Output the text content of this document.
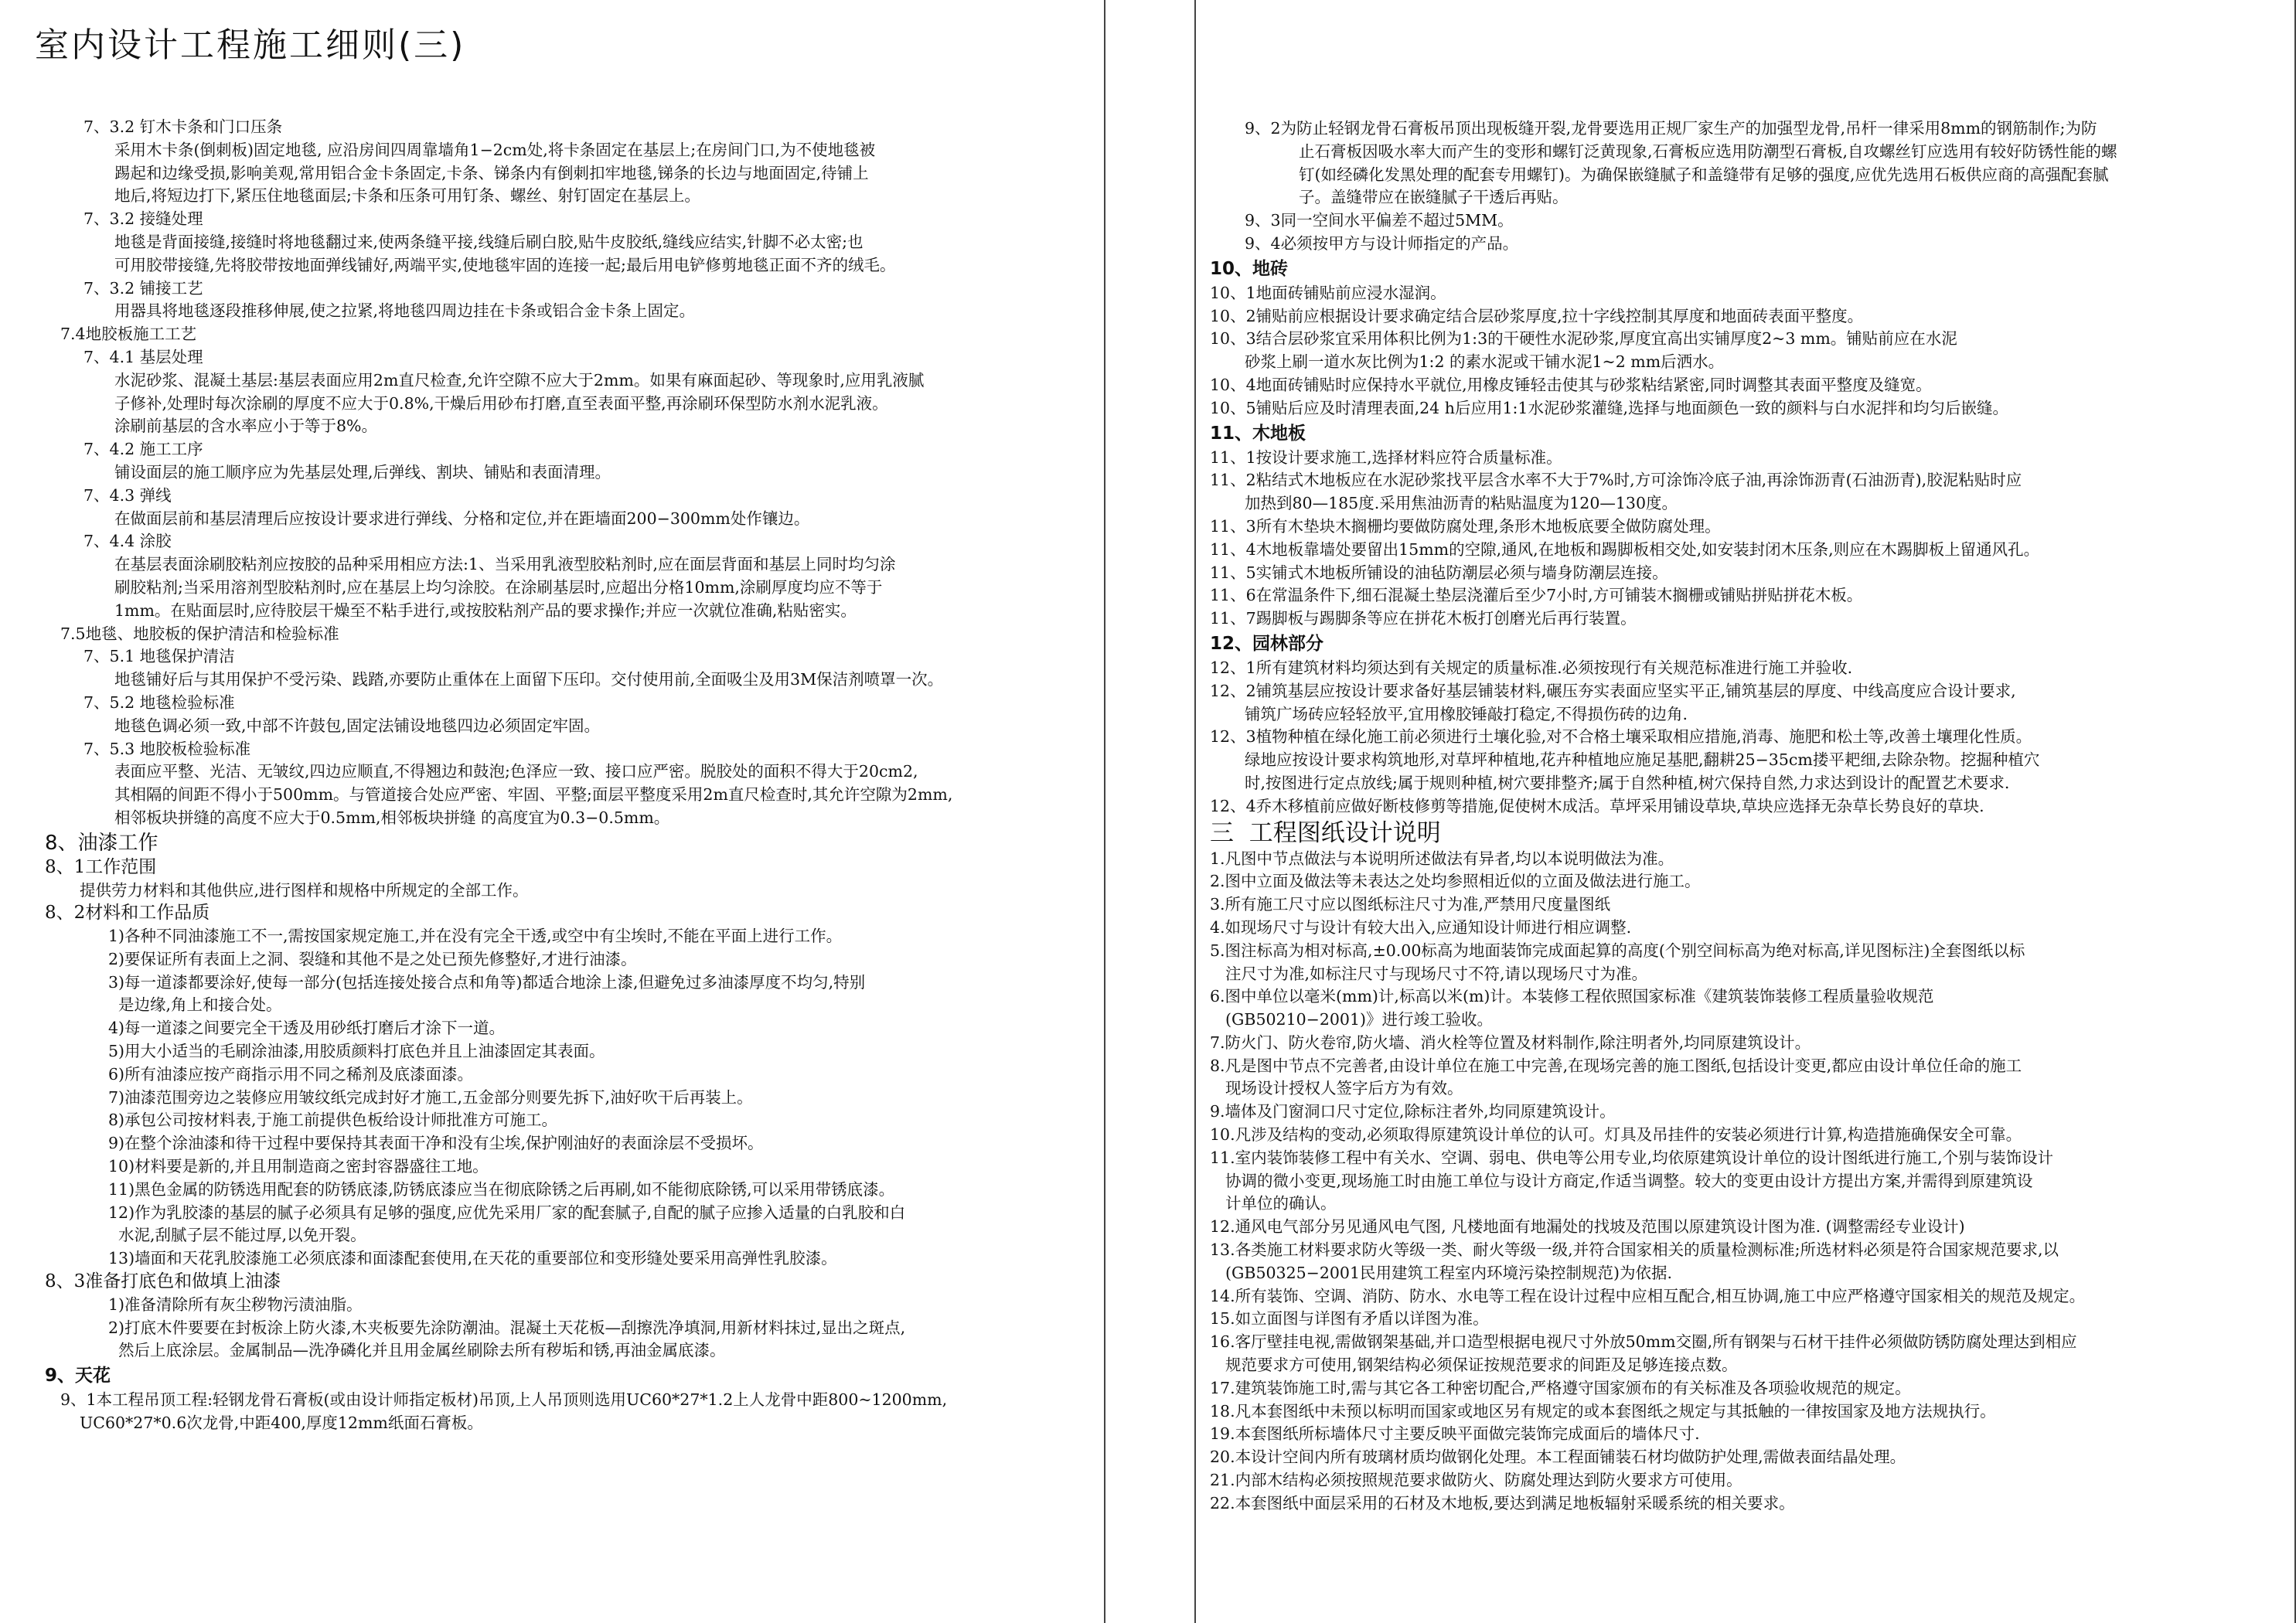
室内设计工程施工细则(三)
7、3.2 钉木卡条和门口压条
采用木卡条(倒刺板)固定地毯, 应沿房间四周靠墙角1−2cm处,将卡条固定在基层上;在房间门口,为不使地毯被
踢起和边缘受损,影响美观,常用铝合金卡条固定,卡条、锑条内有倒刺扣牢地毯,锑条的长边与地面固定,待铺上
地后,将短边打下,紧压住地毯面层;卡条和压条可用钉条、螺丝、射钉固定在基层上。
7、3.2 接缝处理
地毯是背面接缝,接缝时将地毯翻过来,使两条缝平接,线缝后刷白胶,贴牛皮胶纸,缝线应结实,针脚不必太密;也
可用胶带接缝,先将胶带按地面弹线铺好,两端平实,使地毯牢固的连接一起;最后用电铲修剪地毯正面不齐的绒毛。
7、3.2 铺接工艺
用器具将地毯逐段推移伸展,使之拉紧,将地毯四周边挂在卡条或铝合金卡条上固定。
7.4地胶板施工工艺
7、4.1 基层处理
水泥砂浆、混凝土基层:基层表面应用2m直尺检查,允许空隙不应大于2mm。如果有麻面起砂、等现象时,应用乳液腻
子修补,处理时每次涂刷的厚度不应大于0.8%,干燥后用砂布打磨,直至表面平整,再涂刷环保型防水剂水泥乳液。
涂刷前基层的含水率应小于等于8%。
7、4.2 施工工序
铺设面层的施工顺序应为先基层处理,后弹线、割块、铺贴和表面清理。
7、4.3 弹线
在做面层前和基层清理后应按设计要求进行弹线、分格和定位,并在距墙面200−300mm处作镶边。
7、4.4 涂胶
在基层表面涂刷胶粘剂应按胶的品种采用相应方法:1、当采用乳液型胶粘剂时,应在面层背面和基层上同时均匀涂
刷胶粘剂;当采用溶剂型胶粘剂时,应在基层上均匀涂胶。在涂刷基层时,应超出分格10mm,涂刷厚度均应不等于
1mm。在贴面层时,应待胶层干燥至不粘手进行,或按胶粘剂产品的要求操作;并应一次就位准确,粘贴密实。
7.5地毯、地胶板的保护清洁和检验标准
7、5.1 地毯保护清洁
地毯铺好后与其用保护不受污染、践踏,亦要防止重体在上面留下压印。交付使用前,全面吸尘及用3M保洁剂喷罩一次。
7、5.2 地毯检验标准
地毯色调必须一致,中部不许鼓包,固定法铺设地毯四边必须固定牢固。
7、5.3 地胶板检验标准
表面应平整、光洁、无皱纹,四边应顺直,不得翘边和鼓泡;色泽应一致、接口应严密。脱胶处的面积不得大于20cm2,
其相隔的间距不得小于500mm。与管道接合处应严密、牢固、平整;面层平整度采用2m直尺检查时,其允许空隙为2mm,
相邻板块拼缝的高度不应大于0.5mm,相邻板块拼缝 的高度宜为0.3−0.5mm。
8、油漆工作
8、1工作范围
提供劳力材料和其他供应,进行图样和规格中所规定的全部工作。
8、2材料和工作品质
1)各种不同油漆施工不一,需按国家规定施工,并在没有完全干透,或空中有尘埃时,不能在平面上进行工作。
2)要保证所有表面上之洞、裂缝和其他不是之处已预先修整好,才进行油漆。
3)每一道漆都要涂好,使每一部分(包括连接处接合点和角等)都适合地涂上漆,但避免过多油漆厚度不均匀,特别
是边缘,角上和接合处。
4)每一道漆之间要完全干透及用砂纸打磨后才涂下一道。
5)用大小适当的毛刷涂油漆,用胶质颜料打底色并且上油漆固定其表面。
6)所有油漆应按产商指示用不同之稀剂及底漆面漆。
7)油漆范围旁边之装修应用皱纹纸完成封好才施工,五金部分则要先拆下,油好吹干后再装上。
8)承包公司按材料表,于施工前提供色板给设计师批准方可施工。
9)在整个涂油漆和待干过程中要保持其表面干净和没有尘埃,保护刚油好的表面涂层不受损坏。
10)材料要是新的,并且用制造商之密封容器盛往工地。
11)黑色金属的防锈选用配套的防锈底漆,防锈底漆应当在彻底除锈之后再刷,如不能彻底除锈,可以采用带锈底漆。
12)作为乳胶漆的基层的腻子必须具有足够的强度,应优先采用厂家的配套腻子,自配的腻子应掺入适量的白乳胶和白
水泥,刮腻子层不能过厚,以免开裂。
13)墙面和天花乳胶漆施工必须底漆和面漆配套使用,在天花的重要部位和变形缝处要采用高弹性乳胶漆。
8、3准备打底色和做填上油漆
1)准备清除所有灰尘秽物污渍油脂。
2)打底木件要要在封板涂上防火漆,木夹板要先涂防潮油。混凝土天花板—刮擦洗净填洞,用新材料抹过,显出之斑点,
然后上底涂层。金属制品—洗净磷化并且用金属丝刷除去所有秽垢和锈,再油金属底漆。
9、天花
9、1本工程吊顶工程:轻钢龙骨石膏板(或由设计师指定板材)吊顶,上人吊顶则选用UC60*27*1.2上人龙骨中距800~1200mm,
UC60*27*0.6次龙骨,中距400,厚度12mm纸面石膏板。
9、2为防止轻钢龙骨石膏板吊顶出现板缝开裂,龙骨要选用正规厂家生产的加强型龙骨,吊杆一律采用8mm的钢筋制作;为防
止石膏板因吸水率大而产生的变形和螺钉泛黄现象,石膏板应选用防潮型石膏板,自攻螺丝钉应选用有较好防锈性能的螺
钉(如经磷化发黑处理的配套专用螺钉)。为确保嵌缝腻子和盖缝带有足够的强度,应优先选用石板供应商的高强配套腻
子。盖缝带应在嵌缝腻子干透后再贴。
9、3同一空间水平偏差不超过5MM。
9、4必须按甲方与设计师指定的产品。
10、地砖
10、1地面砖铺贴前应浸水湿润。
10、2铺贴前应根据设计要求确定结合层砂浆厚度,拉十字线控制其厚度和地面砖表面平整度。
10、3结合层砂浆宜采用体积比例为1:3的干硬性水泥砂浆,厚度宜高出实铺厚度2~3 mm。铺贴前应在水泥
砂浆上刷一道水灰比例为1:2 的素水泥或干铺水泥1~2 mm后洒水。
10、4地面砖铺贴时应保持水平就位,用橡皮锤轻击使其与砂浆粘结紧密,同时调整其表面平整度及缝宽。
10、5铺贴后应及时清理表面,24 h后应用1:1水泥砂浆灌缝,选择与地面颜色一致的颜料与白水泥拌和均匀后嵌缝。
11、木地板
11、1按设计要求施工,选择材料应符合质量标准。
11、2粘结式木地板应在水泥砂浆找平层含水率不大于7%时,方可涂饰冷底子油,再涂饰沥青(石油沥青),胶泥粘贴时应
加热到80—185度.采用焦油沥青的粘贴温度为120—130度。
11、3所有木垫块木搁栅均要做防腐处理,条形木地板底要全做防腐处理。
11、4木地板靠墙处要留出15mm的空隙,通风,在地板和踢脚板相交处,如安装封闭木压条,则应在木踢脚板上留通风孔。
11、5实铺式木地板所铺设的油毡防潮层必须与墙身防潮层连接。
11、6在常温条件下,细石混凝土垫层浇灌后至少7小时,方可铺装木搁栅或铺贴拼贴拼花木板。
11、7踢脚板与踢脚条等应在拼花木板打创磨光后再行装置。
12、园林部分
12、1所有建筑材料均须达到有关规定的质量标准.必须按现行有关规范标准进行施工并验收.
12、2铺筑基层应按设计要求备好基层铺装材料,碾压夯实表面应坚实平正,铺筑基层的厚度、中线高度应合设计要求,
铺筑广场砖应轻轻放平,宜用橡胶锤敲打稳定,不得损伤砖的边角.
12、3植物种植在绿化施工前必须进行土壤化验,对不合格土壤采取相应措施,消毒、施肥和松土等,改善土壤理化性质。
绿地应按设计要求构筑地形,对草坪种植地,花卉种植地应施足基肥,翻耕25−35cm搂平耙细,去除杂物。挖掘种植穴
时,按图进行定点放线;属于规则种植,树穴要排整齐;属于自然种植,树穴保持自然,力求达到设计的配置艺术要求.
12、4乔木移植前应做好断枝修剪等措施,促使树木成活。草坪采用铺设草块,草块应选择无杂草长势良好的草块.
三  工程图纸设计说明
1.凡图中节点做法与本说明所述做法有异者,均以本说明做法为准。
2.图中立面及做法等未表达之处均参照相近似的立面及做法进行施工。
3.所有施工尺寸应以图纸标注尺寸为准,严禁用尺度量图纸
4.如现场尺寸与设计有较大出入,应通知设计师进行相应调整.
5.图注标高为相对标高,±0.00标高为地面装饰完成面起算的高度(个别空间标高为绝对标高,详见图标注)全套图纸以标
注尺寸为准,如标注尺寸与现场尺寸不符,请以现场尺寸为准。
6.图中单位以毫米(mm)计,标高以米(m)计。本装修工程依照国家标准《建筑装饰装修工程质量验收规范
(GB50210−2001)》进行竣工验收。
7.防火门、防火卷帘,防火墙、消火栓等位置及材料制作,除注明者外,均同原建筑设计。
8.凡是图中节点不完善者,由设计单位在施工中完善,在现场完善的施工图纸,包括设计变更,都应由设计单位任命的施工
现场设计授权人签字后方为有效。
9.墙体及门窗洞口尺寸定位,除标注者外,均同原建筑设计。
10.凡涉及结构的变动,必须取得原建筑设计单位的认可。灯具及吊挂件的安装必须进行计算,构造措施确保安全可靠。
11.室内装饰装修工程中有关水、空调、弱电、供电等公用专业,均依原建筑设计单位的设计图纸进行施工,个别与装饰设计
协调的微小变更,现场施工时由施工单位与设计方商定,作适当调整。较大的变更由设计方提出方案,并需得到原建筑设
计单位的确认。
12.通风电气部分另见通风电气图, 凡楼地面有地漏处的找坡及范围以原建筑设计图为准. (调整需经专业设计)
13.各类施工材料要求防火等级一类、耐火等级一级,并符合国家相关的质量检测标准;所选材料必须是符合国家规范要求,以
(GB50325−2001民用建筑工程室内环境污染控制规范)为依据.
14.所有装饰、空调、消防、防水、水电等工程在设计过程中应相互配合,相互协调,施工中应严格遵守国家相关的规范及规定。
15.如立面图与详图有矛盾以详图为准。
16.客厅壁挂电视,需做钢架基础,并口造型根据电视尺寸外放50mm交圈,所有钢架与石材干挂件必须做防锈防腐处理达到相应
规范要求方可使用,钢架结构必须保证按规范要求的间距及足够连接点数。
17.建筑装饰施工时,需与其它各工种密切配合,严格遵守国家颁布的有关标准及各项验收规范的规定。
18.凡本套图纸中未预以标明而国家或地区另有规定的或本套图纸之规定与其抵触的一律按国家及地方法规执行。
19.本套图纸所标墙体尺寸主要反映平面做完装饰完成面后的墙体尺寸.
20.本设计空间内所有玻璃材质均做钢化处理。本工程面铺装石材均做防护处理,需做表面结晶处理。
21.内部木结构必须按照规范要求做防火、防腐处理达到防火要求方可使用。
22.本套图纸中面层采用的石材及木地板,要达到满足地板辐射采暖系统的相关要求。
